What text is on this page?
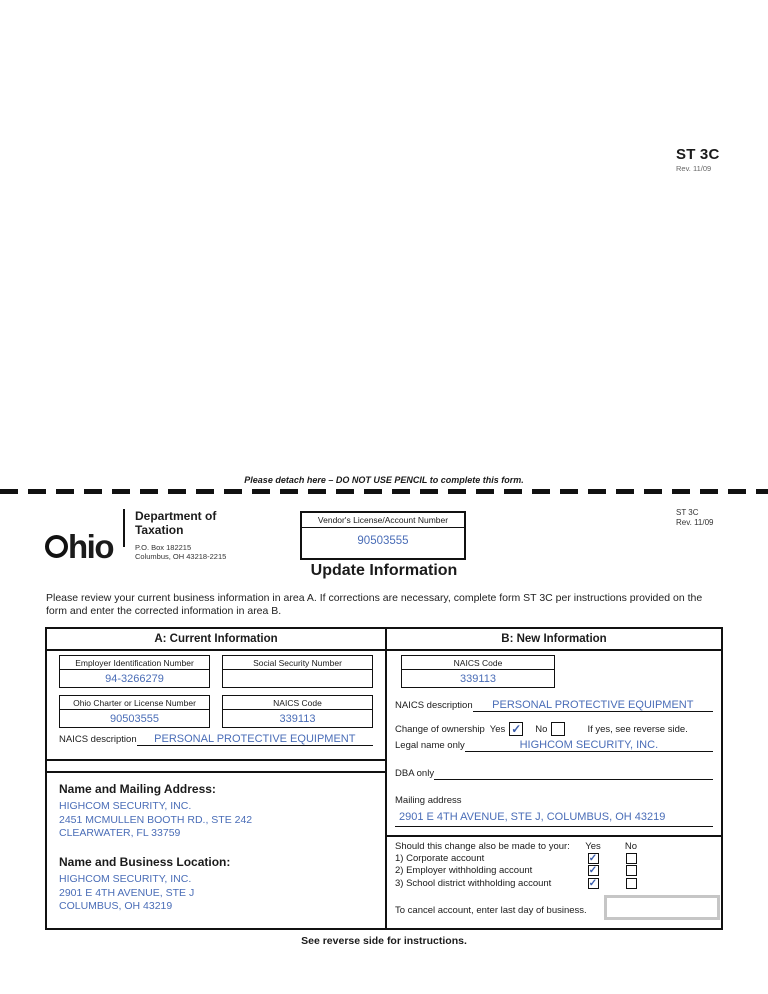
ST 3C
Rev. 11/09
Please detach here – DO NOT USE PENCIL to complete this form.
hio
Department of
Taxation
P.O. Box 182215
Columbus, OH 43218-2215
Vendor's License/Account Number
90503555
ST 3C
Rev. 11/09
Update Information
Please review your current business information in area A. If corrections are necessary, complete form ST 3C per instructions provided on the form and enter the corrected information in area B.
A: Current Information	B: New Information
Employer Identification Number
94-3266279
Social Security Number
Ohio Charter or License Number
90503555
NAICS Code
339113
NAICS description	PERSONAL PROTECTIVE EQUIPMENT
Name and Mailing Address:
HIGHCOM SECURITY, INC.
2451 MCMULLEN BOOTH RD., STE 242
CLEARWATER, FL 33759
Name and Business Location:
HIGHCOM SECURITY, INC.
2901 E 4TH AVENUE, STE J
COLUMBUS, OH 43219
NAICS Code
339113
NAICS description	PERSONAL PROTECTIVE EQUIPMENT
Change of ownership Yes ✓ No	If yes, see reverse side.
Legal name only	HIGHCOM SECURITY, INC.
DBA only
Mailing address
2901 E 4TH AVENUE, STE J, COLUMBUS, OH 43219
Should this change also be made to your:	Yes	No
1) Corporate account	✓
2) Employer withholding account	✓
3) School district withholding account	✓
To cancel account, enter last day of business.
See reverse side for instructions.
